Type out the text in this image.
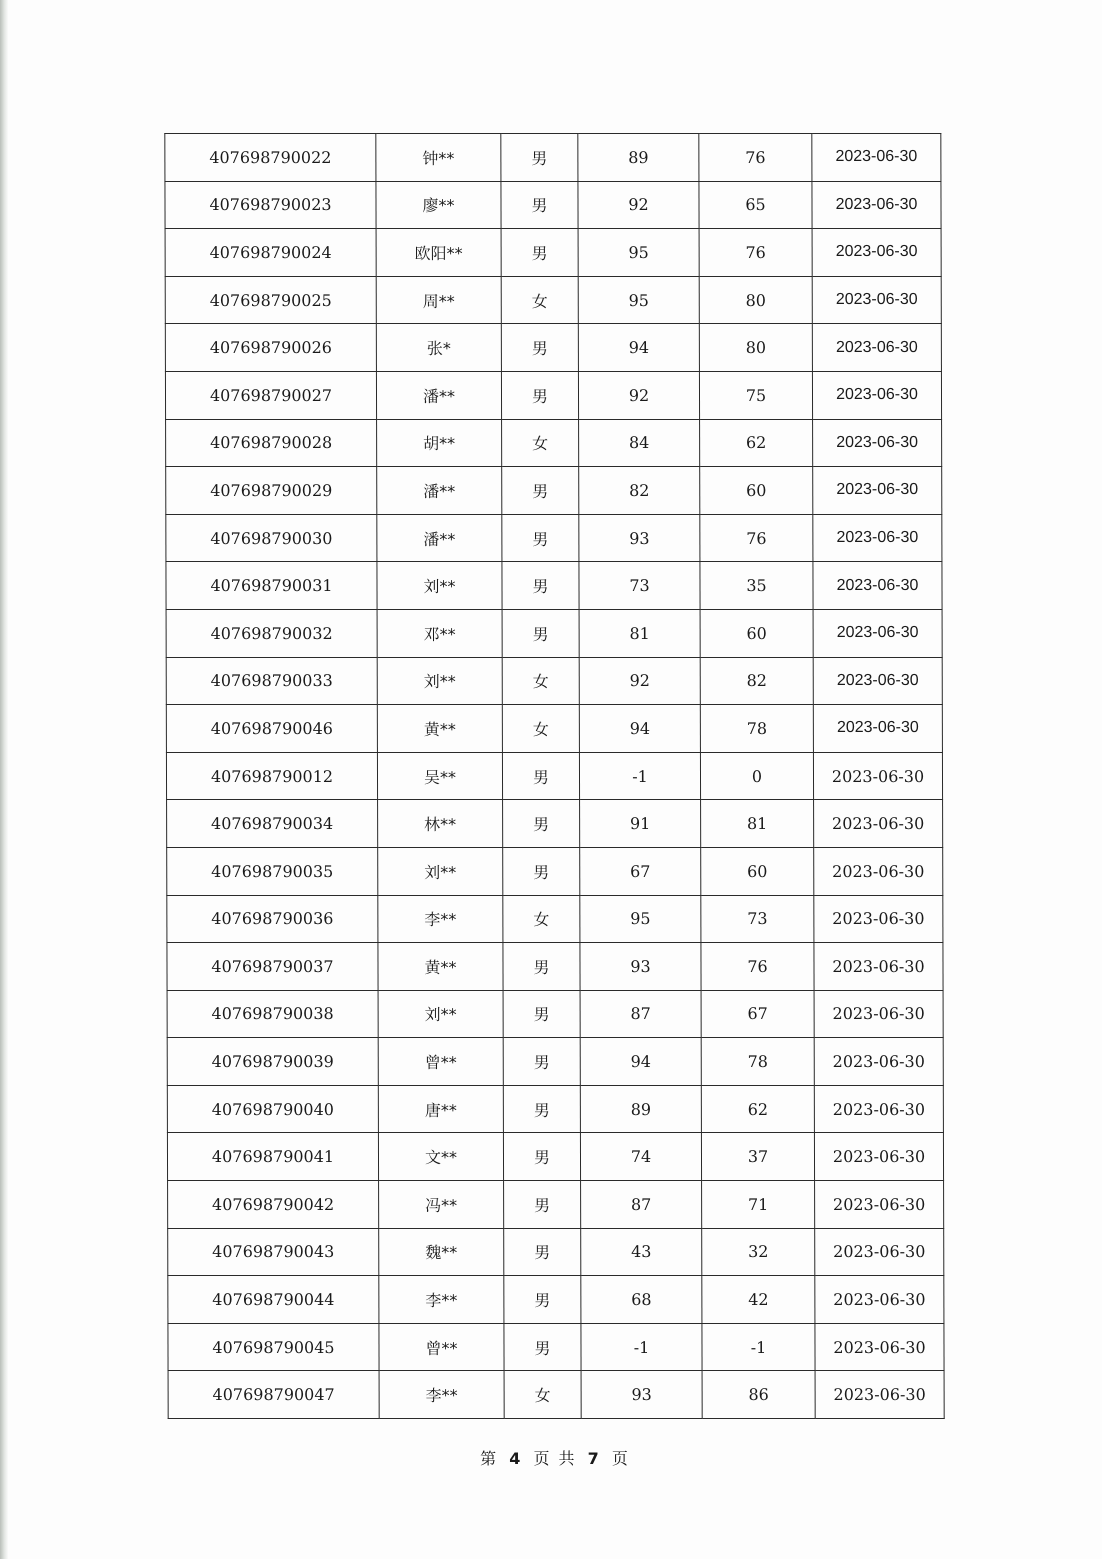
407698790022	钟**	男	89	76	2023-06-30
407698790023	廖**	男	92	65	2023-06-30
407698790024	欧阳**	男	95	76	2023-06-30
407698790025	周**	女	95	80	2023-06-30
407698790026	张*	男	94	80	2023-06-30
407698790027	潘**	男	92	75	2023-06-30
407698790028	胡**	女	84	62	2023-06-30
407698790029	潘**	男	82	60	2023-06-30
407698790030	潘**	男	93	76	2023-06-30
407698790031	刘**	男	73	35	2023-06-30
407698790032	邓**	男	81	60	2023-06-30
407698790033	刘**	女	92	82	2023-06-30
407698790046	黄**	女	94	78	2023-06-30
407698790012	吴**	男	-1	0	2023-06-30
407698790034	林**	男	91	81	2023-06-30
407698790035	刘**	男	67	60	2023-06-30
407698790036	李**	女	95	73	2023-06-30
407698790037	黄**	男	93	76	2023-06-30
407698790038	刘**	男	87	67	2023-06-30
407698790039	曾**	男	94	78	2023-06-30
407698790040	唐**	男	89	62	2023-06-30
407698790041	文**	男	74	37	2023-06-30
407698790042	冯**	男	87	71	2023-06-30
407698790043	魏**	男	43	32	2023-06-30
407698790044	李**	男	68	42	2023-06-30
407698790045	曾**	男	-1	-1	2023-06-30
407698790047	李**	女	93	86	2023-06-30
第 4 页 共 7 页
